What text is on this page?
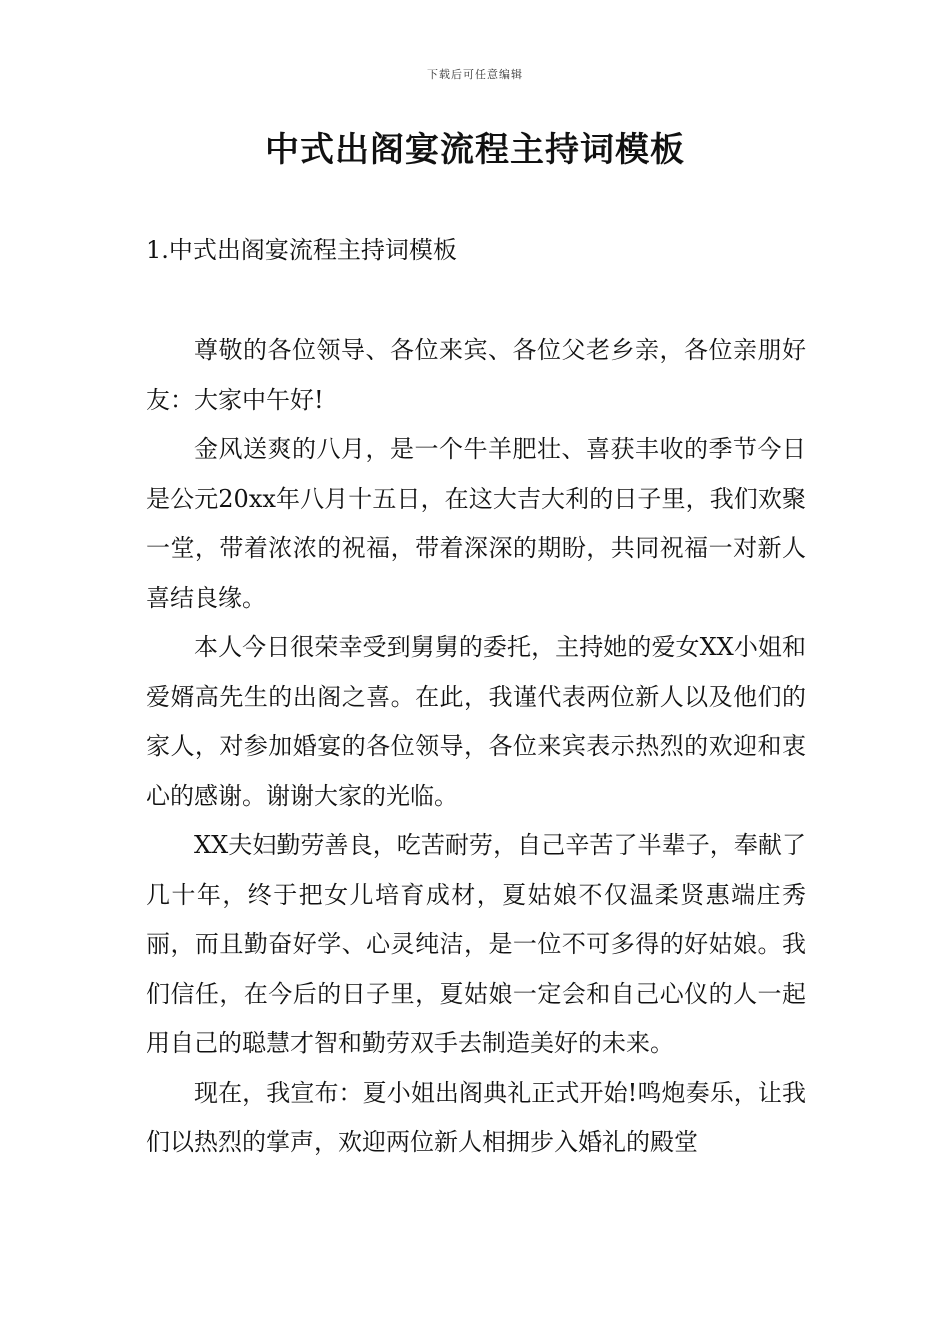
下载后可任意编辑
中式出阁宴流程主持词模板
1.中式出阁宴流程主持词模板

尊敬的各位领导、各位来宾、各位父老乡亲，各位亲朋好友：大家中午好!

金风送爽的八月，是一个牛羊肥壮、喜获丰收的季节今日是公元20xx年八月十五日，在这大吉大利的日子里，我们欢聚一堂，带着浓浓的祝福，带着深深的期盼，共同祝福一对新人喜结良缘。

本人今日很荣幸受到舅舅的委托，主持她的爱女XX小姐和爱婿高先生的出阁之喜。在此，我谨代表两位新人以及他们的家人，对参加婚宴的各位领导，各位来宾表示热烈的欢迎和衷心的感谢。谢谢大家的光临。

XX夫妇勤劳善良，吃苦耐劳，自己辛苦了半辈子，奉献了几十年，终于把女儿培育成材，夏姑娘不仅温柔贤惠端庄秀丽，而且勤奋好学、心灵纯洁，是一位不可多得的好姑娘。我们信任，在今后的日子里，夏姑娘一定会和自己心仪的人一起用自己的聪慧才智和勤劳双手去制造美好的未来。

现在，我宣布：夏小姐出阁典礼正式开始!鸣炮奏乐，让我们以热烈的掌声，欢迎两位新人相拥步入婚礼的殿堂
